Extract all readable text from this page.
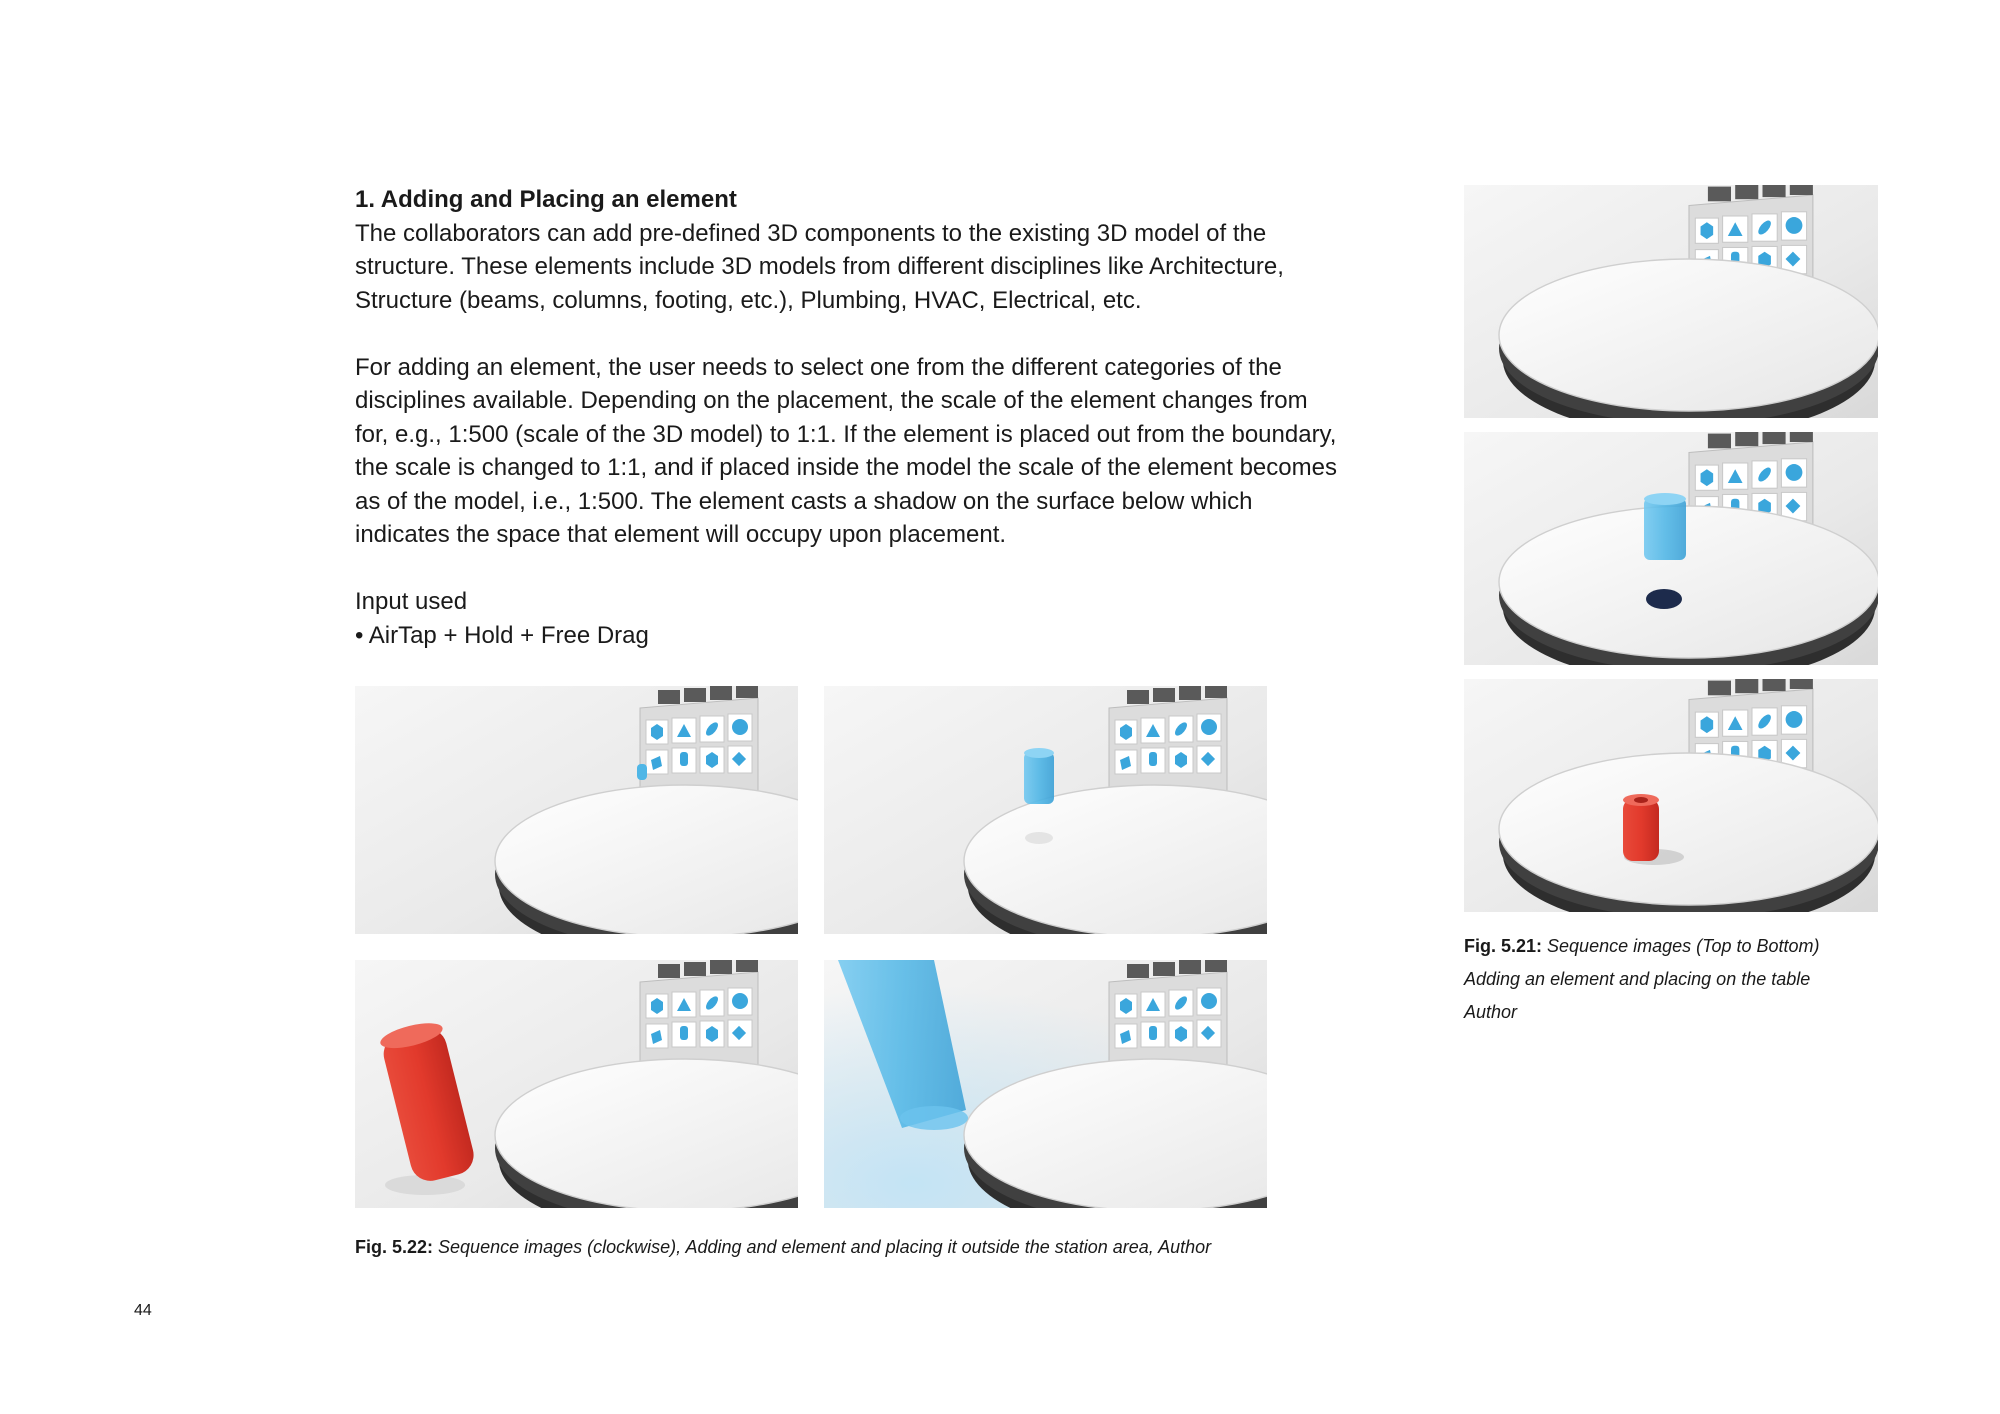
1. Adding and Placing an element

The collaborators can add pre-defined 3D components to the existing 3D model of the structure. These elements include 3D models from different disciplines like Architecture, Structure (beams, columns, footing, etc.), Plumbing, HVAC, Electrical, etc.

For adding an element, the user needs to select one from the different categories of the disciplines available. Depending on the placement, the scale of the element changes from for, e.g., 1:500 (scale of the 3D model) to 1:1. If the element is placed out from the boundary, the scale is changed to 1:1, and if placed inside the model the scale of the element becomes as of the model, i.e., 1:500. The element casts a shadow on the surface below which indicates the space that element will occupy upon placement.

Input used

• AirTap + Hold + Free Drag

Fig. 5.22: Sequence images (clockwise), Adding and element and placing it outside the station area, Author
Fig. 5.21: Sequence images (Top to Bottom)
Adding an element and placing on the table
Author
44
